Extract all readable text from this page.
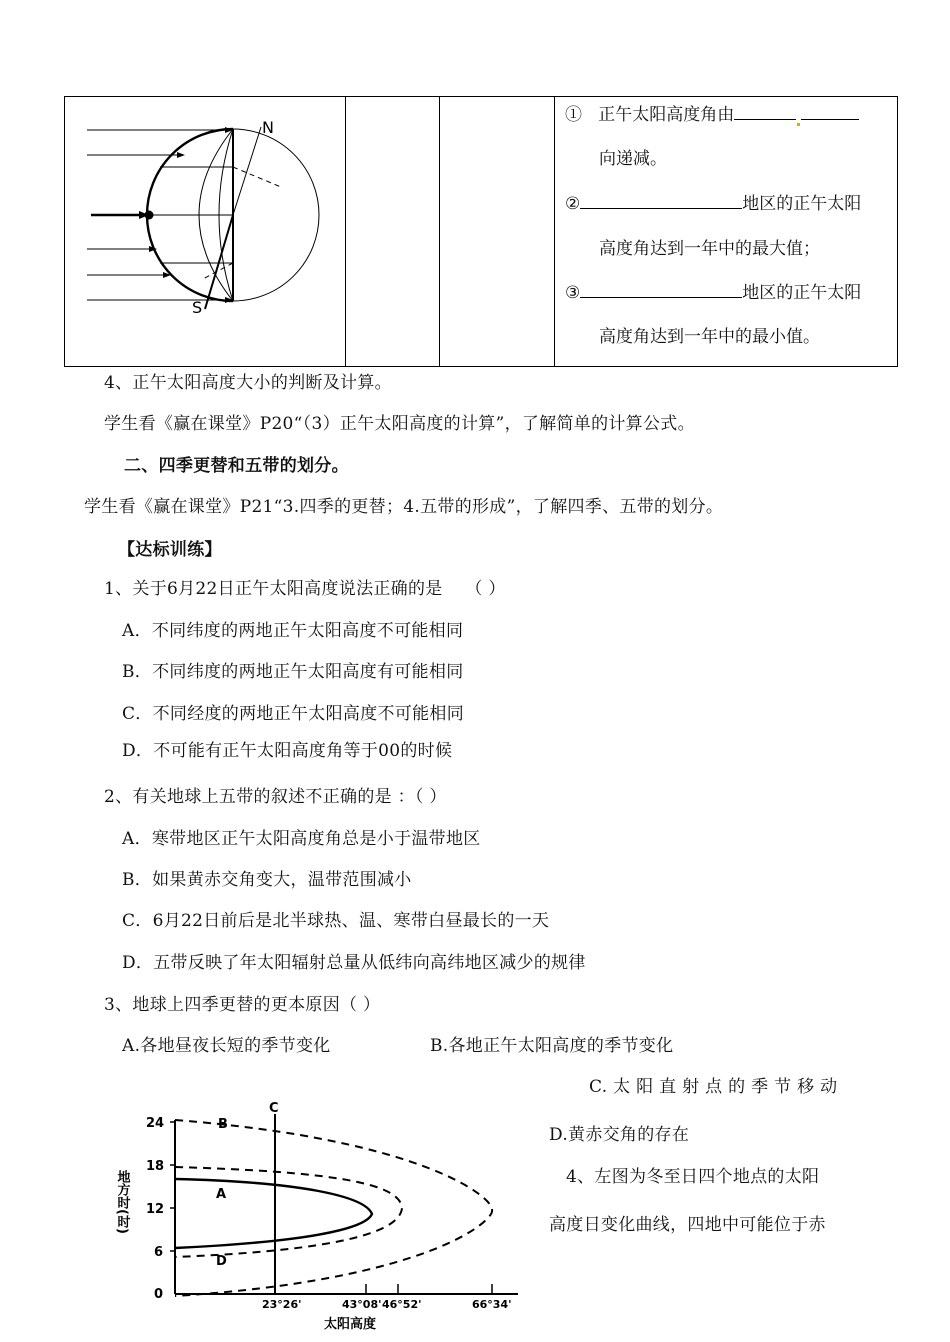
N
S

① 正午太阳高度角由
向递减。
②	地区的正午太阳
高度角达到一年中的最大值；
③	地区的正午太阳
高度角达到一年中的最小值。
4、正午太阳高度大小的判断及计算。
学生看《赢在课堂》P20“（3）正午太阳高度的计算”，了解简单的计算公式。
二、四季更替和五带的划分。
学生看《赢在课堂》P21“3.四季的更替；4.五带的形成”，了解四季、五带的划分。
【达标训练】
1、关于6月22日正午太阳高度说法正确的是 （ ）
A．不同纬度的两地正午太阳高度不可能相同
B．不同纬度的两地正午太阳高度有可能相同
C．不同经度的两地正午太阳高度不可能相同
D．不可能有正午太阳高度角等于00的时候
2、有关地球上五带的叙述不正确的是 ：（ ）
A．寒带地区正午太阳高度角总是小于温带地区
B．如果黄赤交角变大，温带范围减小
C．6月22日前后是北半球热、温、寒带白昼最长的一天
D．五带反映了年太阳辐射总量从低纬向高纬地区减少的规律
3、地球上四季更替的更本原因（ ）
A.各地昼夜长短的季节变化	B.各地正午太阳高度的季节变化
C. 太 阳 直 射 点 的 季 节 移 动
D.黄赤交角的存在
4、左图为冬至日四个地点的太阳
高度日变化曲线，四地中可能位于赤
24
18
12
6
0
地方时(时)
C
B
A
D
23°26'	43°08' 46°52'	66°34'
太阳高度
